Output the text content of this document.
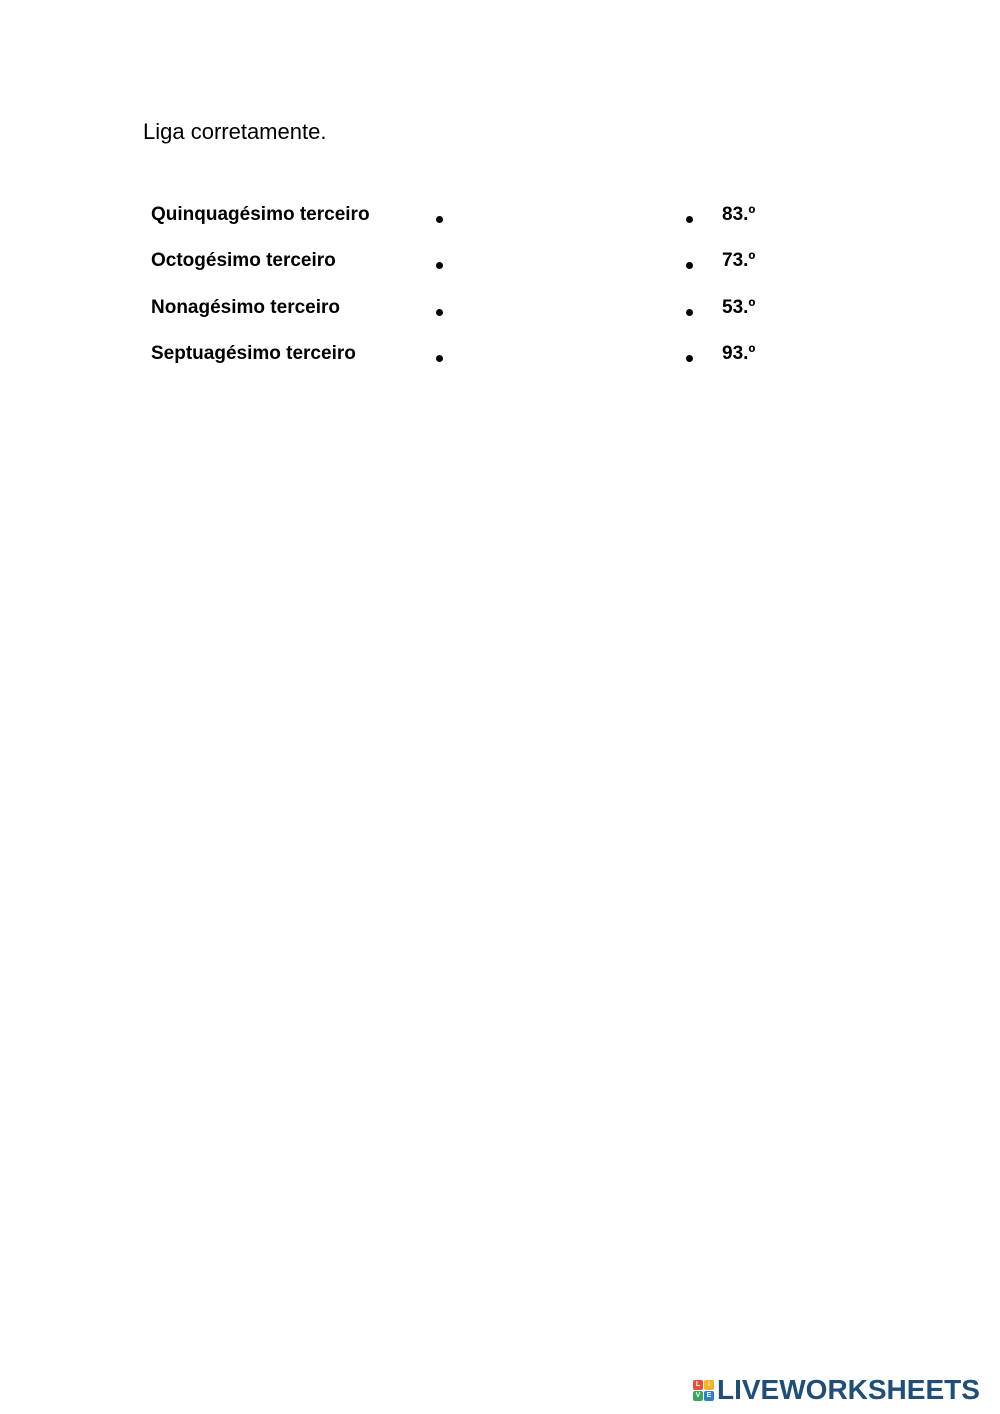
Liga corretamente.
Quinquagésimo terceiro	83.º
Octogésimo terceiro	73.º
Nonagésimo terceiro	53.º
Septuagésimo terceiro	93.º
L	I
V E LIVEWORKSHEETS
